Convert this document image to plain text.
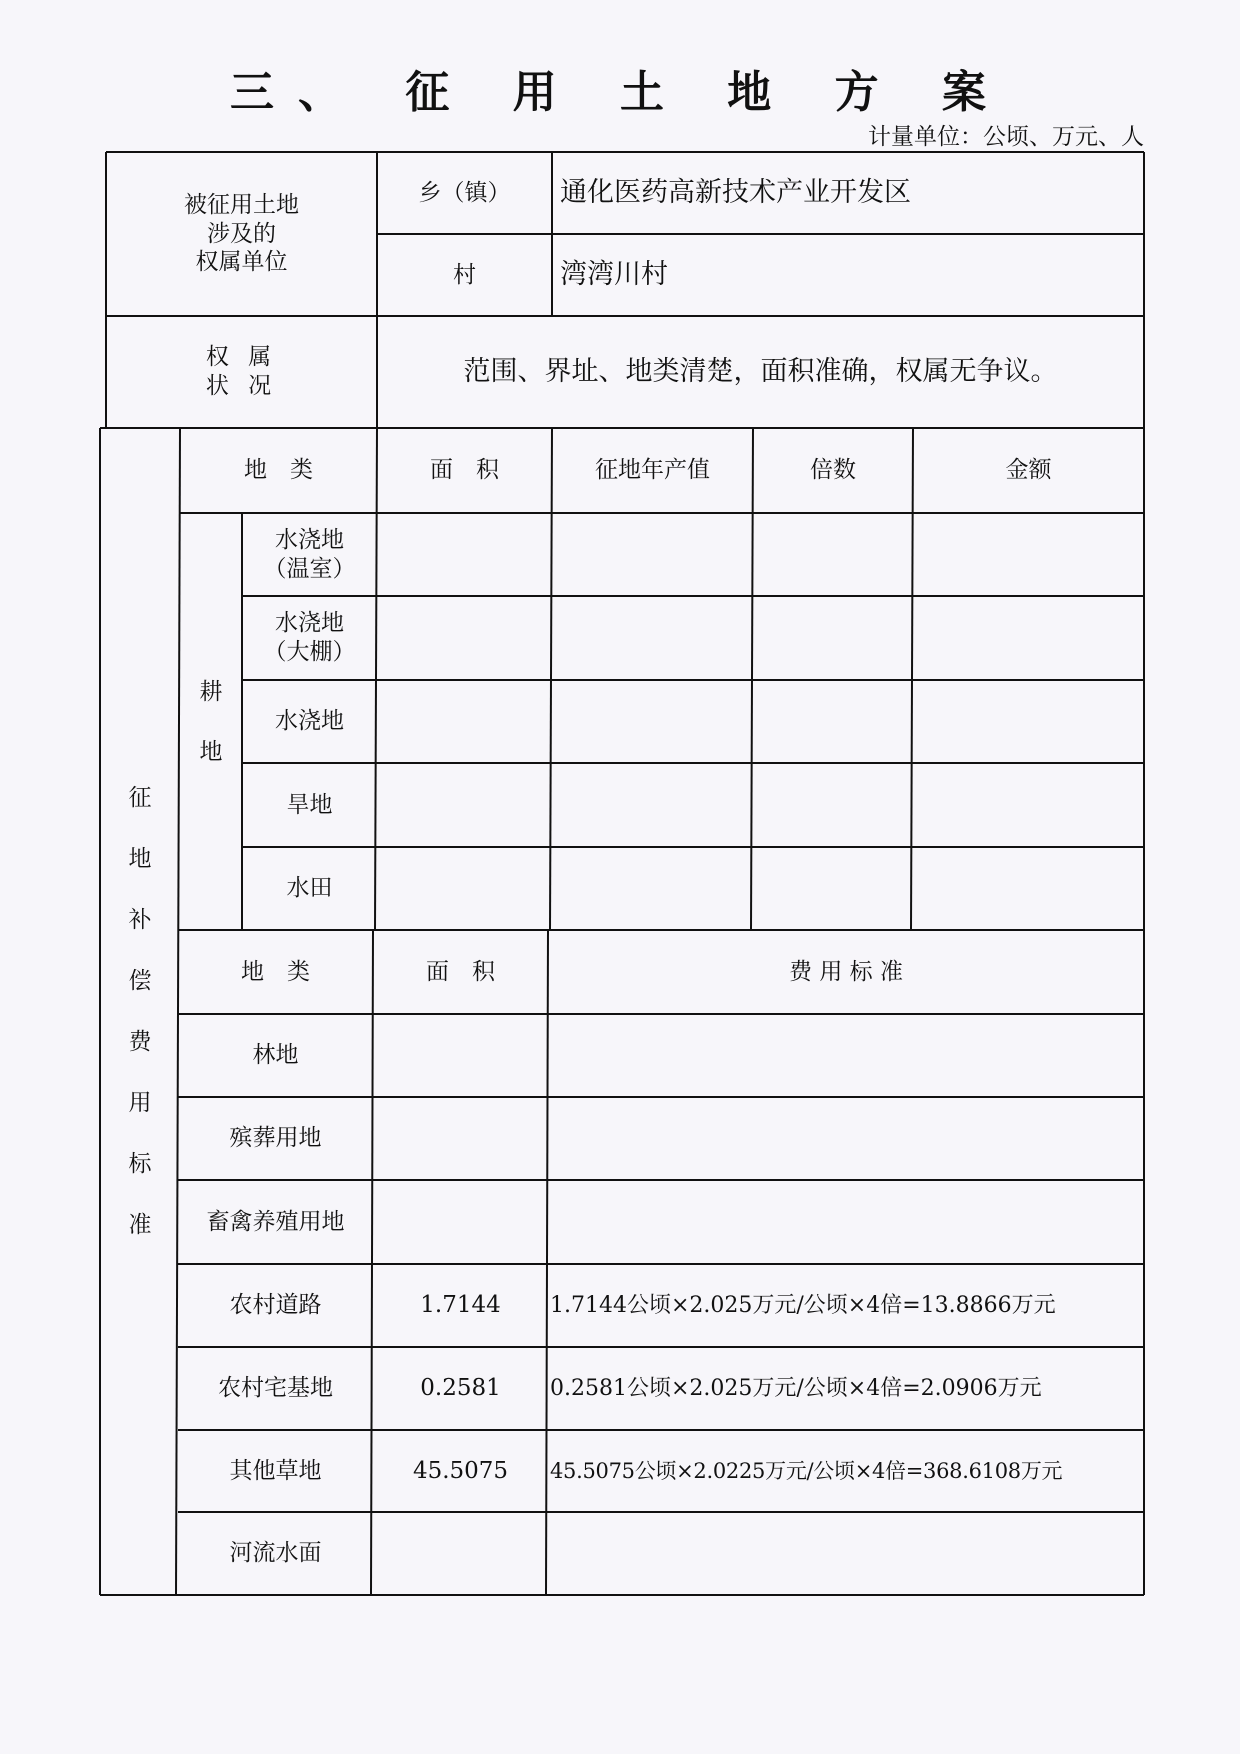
三、 征 用 土 地 方 案
计量单位：公顷、万元、人
被征用土地
涉及的
权属单位
乡（镇）	通化医药高新技术产业开发区
村	湾湾川村
权 属
状 况	范围、界址、地类清楚，面积准确，权属无争议。
征
地
补
偿
费
用
标
准
耕

地
地　类	面　积	征地年产值	倍数	金额
水浇地
（温室）
水浇地
（大棚）
水浇地
旱地
水田
地　类	面　积	费 用 标 准
林地
殡葬用地
畜禽养殖用地
农村道路	1.7144	1.7144公顷×2.025万元/公顷×4倍=13.8866万元
农村宅基地	0.2581	0.2581公顷×2.025万元/公顷×4倍=2.0906万元
其他草地	45.5075	45.5075公顷×2.0225万元/公顷×4倍=368.6108万元
河流水面
